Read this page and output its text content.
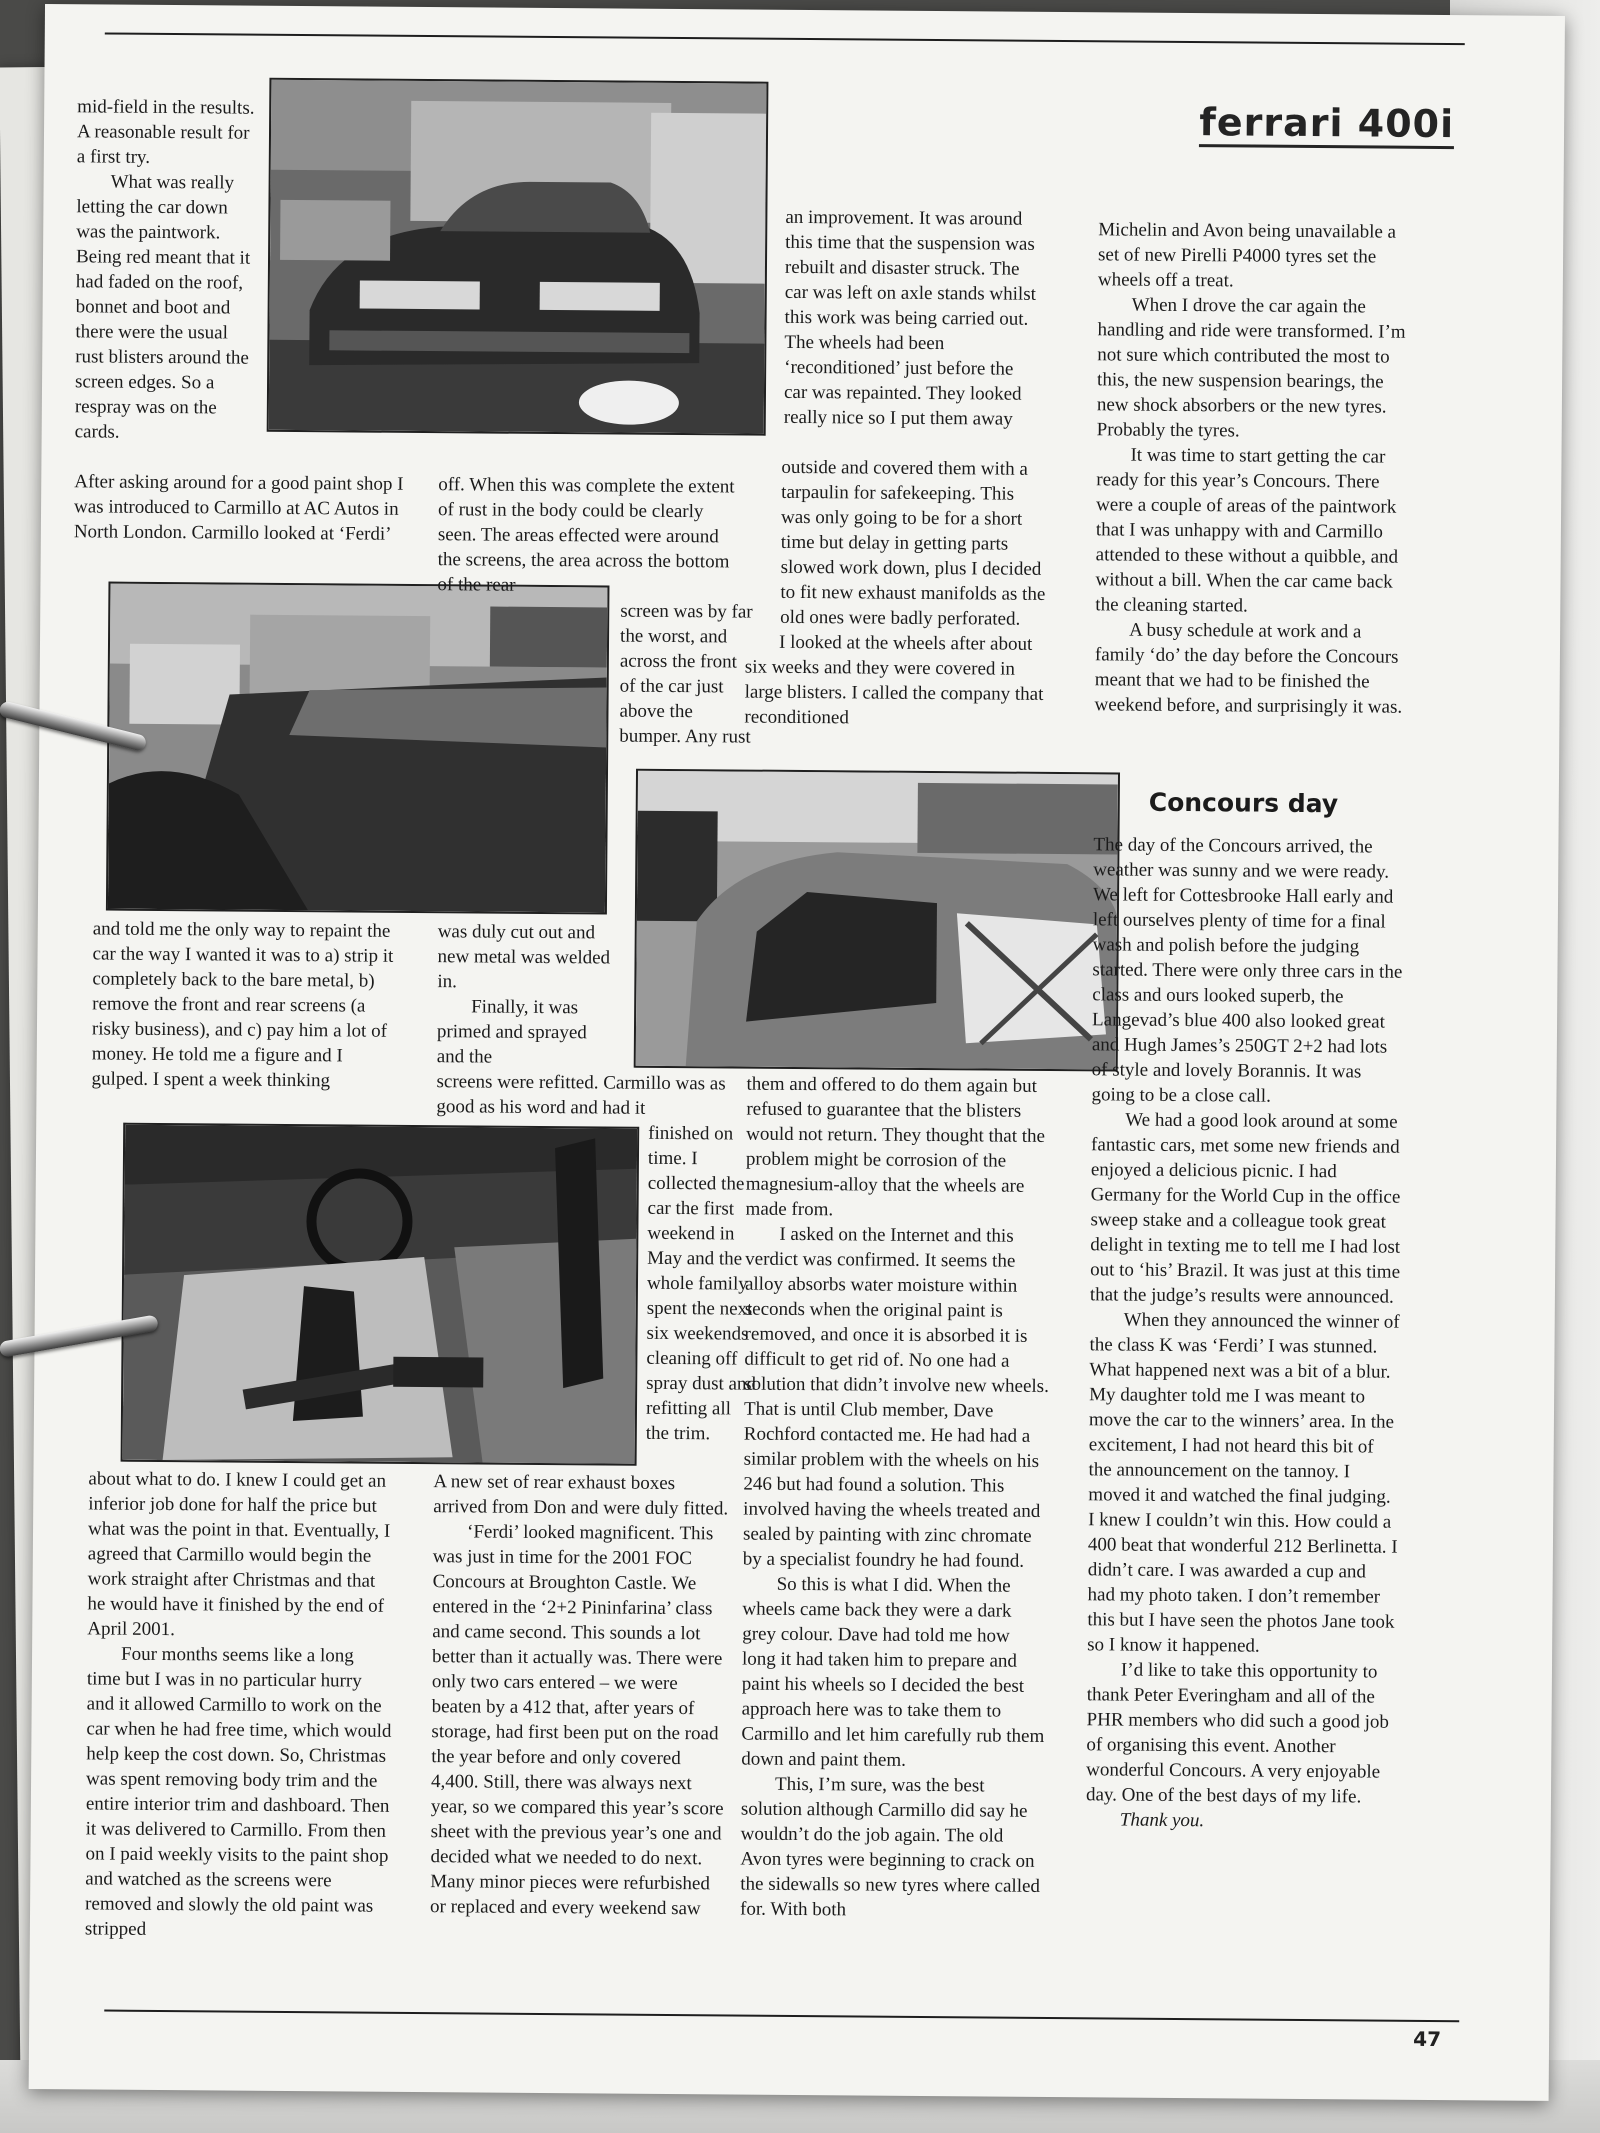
ferrari 400i

mid-field in the results. A reasonable result for a first try.

What was really letting the car down was the paintwork. Being red meant that it had faded on the roof, bonnet and boot and there were the usual rust blisters around the screen edges. So a respray was on the cards.

After asking around for a good paint shop I was introduced to Carmillo at AC Autos in North London. Carmillo looked at ‘Ferdi’

and told me the only way to repaint the car the way I wanted it was to a) strip it completely back to the bare metal, b) remove the front and rear screens (a risky business), and c) pay him a lot of money. He told me a figure and I gulped. I spent a week thinking

about what to do. I knew I could get an inferior job done for half the price but what was the point in that. Eventually, I agreed that Carmillo would begin the work straight after Christmas and that he would have it finished by the end of April 2001.

Four months seems like a long time but I was in no particular hurry and it allowed Carmillo to work on the car when he had free time, which would help keep the cost down. So, Christmas was spent removing body trim and the entire interior trim and dashboard. Then it was delivered to Carmillo. From then on I paid weekly visits to the paint shop and watched as the screens were removed and slowly the old paint was stripped

off. When this was complete the extent of rust in the body could be clearly seen. The areas effected were around the screens, the area across the bottom of the rear

screen was by far the worst, and across the front of the car just above the bumper. Any rust

was duly cut out and new metal was welded in.

Finally, it was primed and sprayed and the

screens were refitted. Carmillo was as good as his word and had it

finished on time. I collected the car the first weekend in May and the whole family spent the next six weekends cleaning off spray dust and refitting all the trim.

A new set of rear exhaust boxes arrived from Don and were duly fitted.

‘Ferdi’ looked magnificent. This was just in time for the 2001 FOC Concours at Broughton Castle. We entered in the ‘2+2 Pininfarina’ class and came second. This sounds a lot better than it actually was. There were only two cars entered – we were beaten by a 412 that, after years of storage, had first been put on the road the year before and only covered 4,400. Still, there was always next year, so we compared this year’s score sheet with the previous year’s one and decided what we needed to do next. Many minor pieces were refurbished or replaced and every weekend saw

an improvement. It was around this time that the suspension was rebuilt and disaster struck. The car was left on axle stands whilst this work was being carried out. The wheels had been ‘reconditioned’ just before the car was repainted. They looked really nice so I put them away

outside and covered them with a tarpaulin for safekeeping. This was only going to be for a short time but delay in getting parts slowed work down, plus I decided to fit new exhaust manifolds as the old ones were badly perforated.

I looked at the wheels after about six weeks and they were covered in large blisters. I called the company that reconditioned

them and offered to do them again but refused to guarantee that the blisters would not return. They thought that the problem might be corrosion of the magnesium-alloy that the wheels are made from.

I asked on the Internet and this verdict was confirmed. It seems the alloy absorbs water moisture within seconds when the original paint is removed, and once it is absorbed it is difficult to get rid of. No one had a solution that didn’t involve new wheels. That is until Club member, Dave Rochford contacted me. He had had a similar problem with the wheels on his 246 but had found a solution. This involved having the wheels treated and sealed by painting with zinc chromate by a specialist foundry he had found.

So this is what I did. When the wheels came back they were a dark grey colour. Dave had told me how long it had taken him to prepare and paint his wheels so I decided the best approach here was to take them to Carmillo and let him carefully rub them down and paint them.

This, I’m sure, was the best solution although Carmillo did say he wouldn’t do the job again. The old Avon tyres were beginning to crack on the sidewalls so new tyres where called for. With both

Michelin and Avon being unavailable a set of new Pirelli P4000 tyres set the wheels off a treat.

When I drove the car again the handling and ride were transformed. I’m not sure which contributed the most to this, the new suspension bearings, the new shock absorbers or the new tyres. Probably the tyres.

It was time to start getting the car ready for this year’s Concours. There were a couple of areas of the paintwork that I was unhappy with and Carmillo attended to these without a quibble, and without a bill. When the car came back the cleaning started.

A busy schedule at work and a family ‘do’ the day before the Concours meant that we had to be finished the weekend before, and surprisingly it was.

Concours day

The day of the Concours arrived, the weather was sunny and we were ready. We left for Cottesbrooke Hall early and left ourselves plenty of time for a final wash and polish before the judging started. There were only three cars in the class and ours looked superb, the Langevad’s blue 400 also looked great and Hugh James’s 250GT 2+2 had lots of style and lovely Borannis. It was going to be a close call.

We had a good look around at some fantastic cars, met some new friends and enjoyed a delicious picnic. I had Germany for the World Cup in the office sweep stake and a colleague took great delight in texting me to tell me I had lost out to ‘his’ Brazil. It was just at this time that the judge’s results were announced.

When they announced the winner of the class K was ‘Ferdi’ I was stunned. What happened next was a bit of a blur. My daughter told me I was meant to move the car to the winners’ area. In the excitement, I had not heard this bit of the announcement on the tannoy. I moved it and watched the final judging. I knew I couldn’t win this. How could a 400 beat that wonderful 212 Berlinetta. I didn’t care. I was awarded a cup and had my photo taken. I don’t remember this but I have seen the photos Jane took so I know it happened.

I’d like to take this opportunity to thank Peter Everingham and all of the PHR members who did such a good job of organising this event. Another wonderful Concours. A very enjoyable day. One of the best days of my life.

Thank you.

47
